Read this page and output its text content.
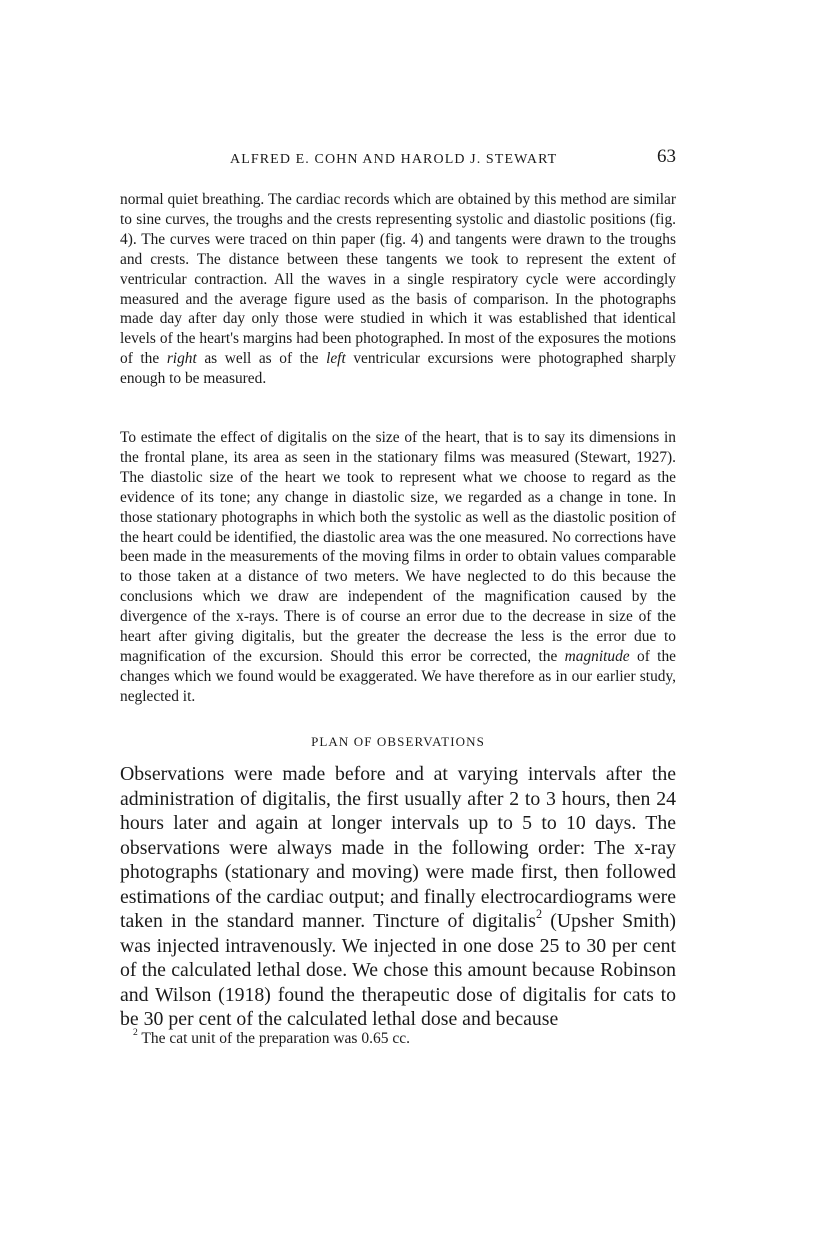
ALFRED E. COHN AND HAROLD J. STEWART	63

normal quiet breathing. The cardiac records which are obtained by this method are similar to sine curves, the troughs and the crests representing systolic and diastolic positions (fig. 4). The curves were traced on thin paper (fig. 4) and tangents were drawn to the troughs and crests. The distance between these tangents we took to represent the extent of ventricular contraction. All the waves in a single respiratory cycle were accordingly measured and the average figure used as the basis of comparison. In the photographs made day after day only those were studied in which it was established that identical levels of the heart's margins had been photographed. In most of the exposures the motions of the right as well as of the left ventricular excursions were photographed sharply enough to be measured.

To estimate the effect of digitalis on the size of the heart, that is to say its dimensions in the frontal plane, its area as seen in the stationary films was measured (Stewart, 1927). The diastolic size of the heart we took to represent what we choose to regard as the evidence of its tone; any change in diastolic size, we regarded as a change in tone. In those stationary photographs in which both the systolic as well as the diastolic position of the heart could be identified, the diastolic area was the one measured. No corrections have been made in the measurements of the moving films in order to obtain values comparable to those taken at a distance of two meters. We have neglected to do this because the conclusions which we draw are independent of the magnification caused by the divergence of the x-rays. There is of course an error due to the decrease in size of the heart after giving digitalis, but the greater the decrease the less is the error due to magnification of the excursion. Should this error be corrected, the magnitude of the changes which we found would be exaggerated. We have therefore as in our earlier study, neglected it.

PLAN OF OBSERVATIONS

Observations were made before and at varying intervals after the administration of digitalis, the first usually after 2 to 3 hours, then 24 hours later and again at longer intervals up to 5 to 10 days. The observations were always made in the following order: The x-ray photographs (stationary and moving) were made first, then followed estimations of the cardiac output; and finally electrocardiograms were taken in the standard manner. Tincture of digitalis$^2$ (Upsher Smith) was injected intravenously. We injected in one dose 25 to 30 per cent of the calculated lethal dose. We chose this amount because Robinson and Wilson (1918) found the therapeutic dose of digitalis for cats to be 30 per cent of the calculated lethal dose and because

$^2$ The cat unit of the preparation was 0.65 cc.
